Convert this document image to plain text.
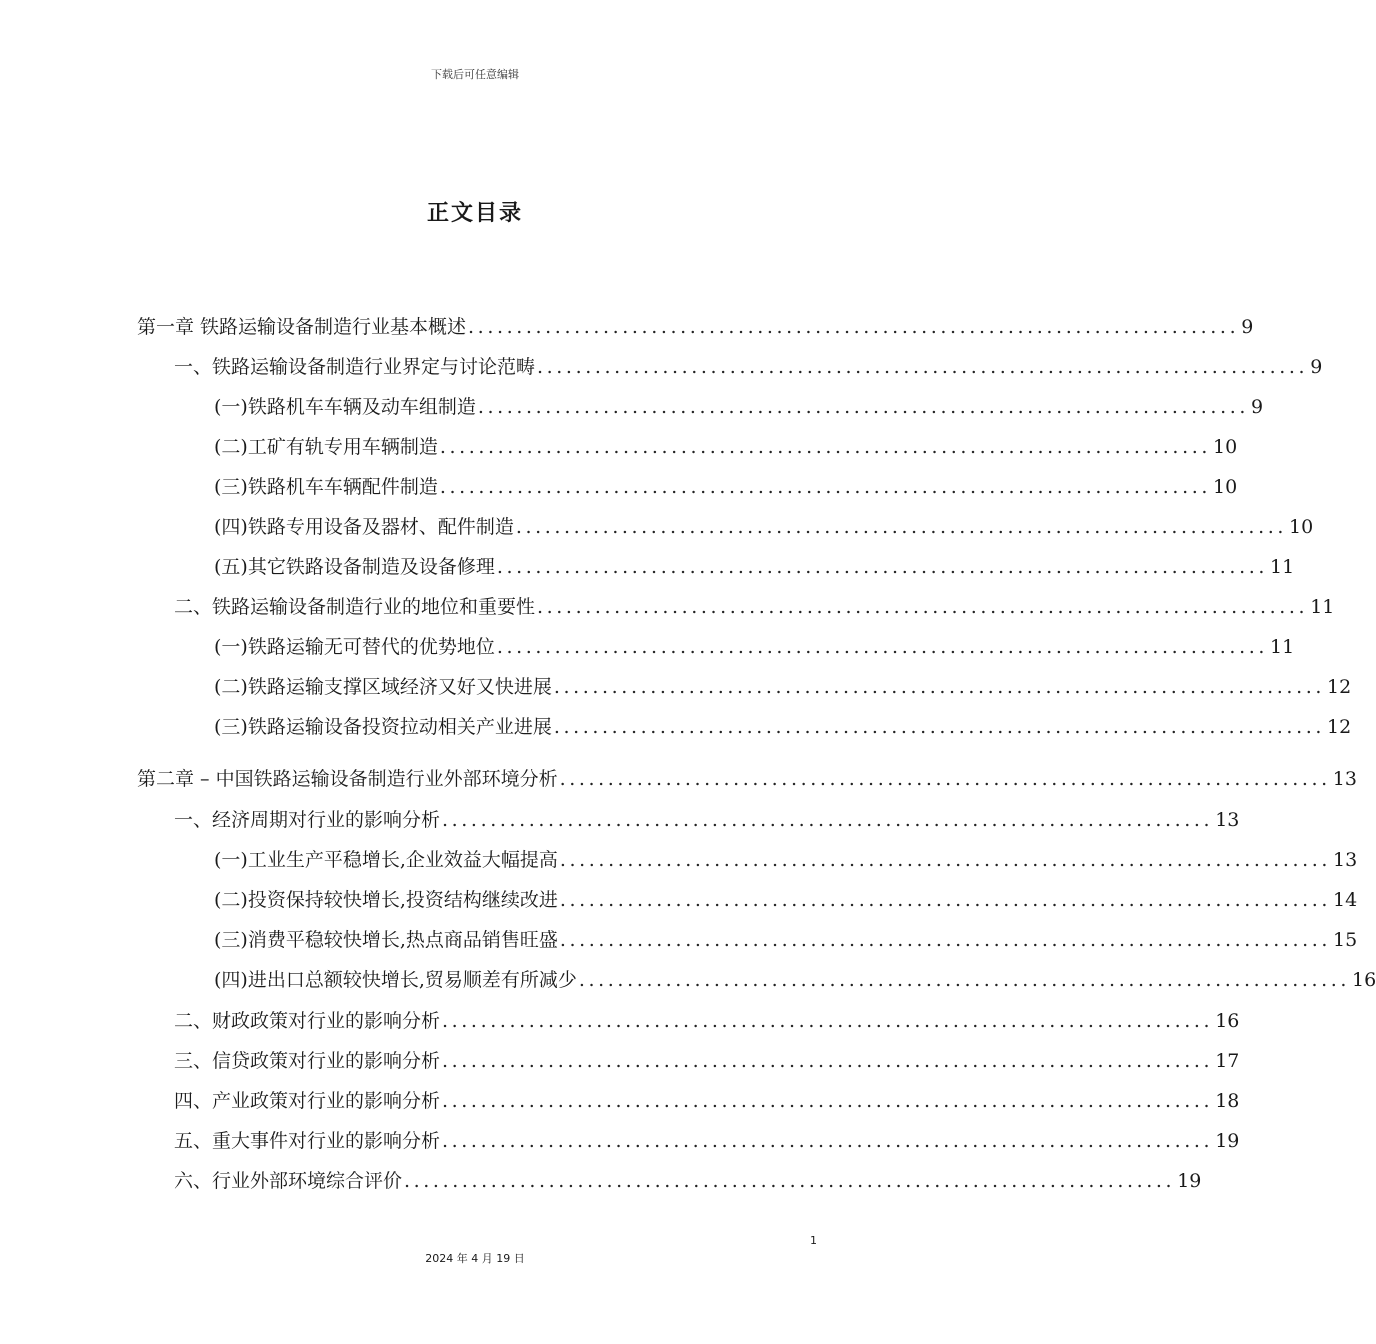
下载后可任意编辑
正文目录
第一章 铁路运输设备制造行业基本概述 ................................................................................ 9
一、铁路运输设备制造行业界定与讨论范畴 ................................................................................ 9
(一)铁路机车车辆及动车组制造 ................................................................................ 9
(二)工矿有轨专用车辆制造 ................................................................................ 10
(三)铁路机车车辆配件制造 ................................................................................ 10
(四)铁路专用设备及器材、配件制造 ................................................................................ 10
(五)其它铁路设备制造及设备修理 ................................................................................ 11
二、铁路运输设备制造行业的地位和重要性 ................................................................................ 11
(一)铁路运输无可替代的优势地位 ................................................................................ 11
(二)铁路运输支撑区域经济又好又快进展 ................................................................................ 12
(三)铁路运输设备投资拉动相关产业进展 ................................................................................ 12
第二章 – 中国铁路运输设备制造行业外部环境分析 ................................................................................ 13
一、经济周期对行业的影响分析 ................................................................................ 13
(一)工业生产平稳增长,企业效益大幅提高 ................................................................................ 13
(二)投资保持较快增长,投资结构继续改进 ................................................................................ 14
(三)消费平稳较快增长,热点商品销售旺盛 ................................................................................ 15
(四)进出口总额较快增长,贸易顺差有所减少 ................................................................................ 16
二、财政政策对行业的影响分析 ................................................................................ 16
三、信贷政策对行业的影响分析 ................................................................................ 17
四、产业政策对行业的影响分析 ................................................................................ 18
五、重大事件对行业的影响分析 ................................................................................ 19
六、行业外部环境综合评价 ................................................................................ 19
1
2024 年 4 月 19 日
